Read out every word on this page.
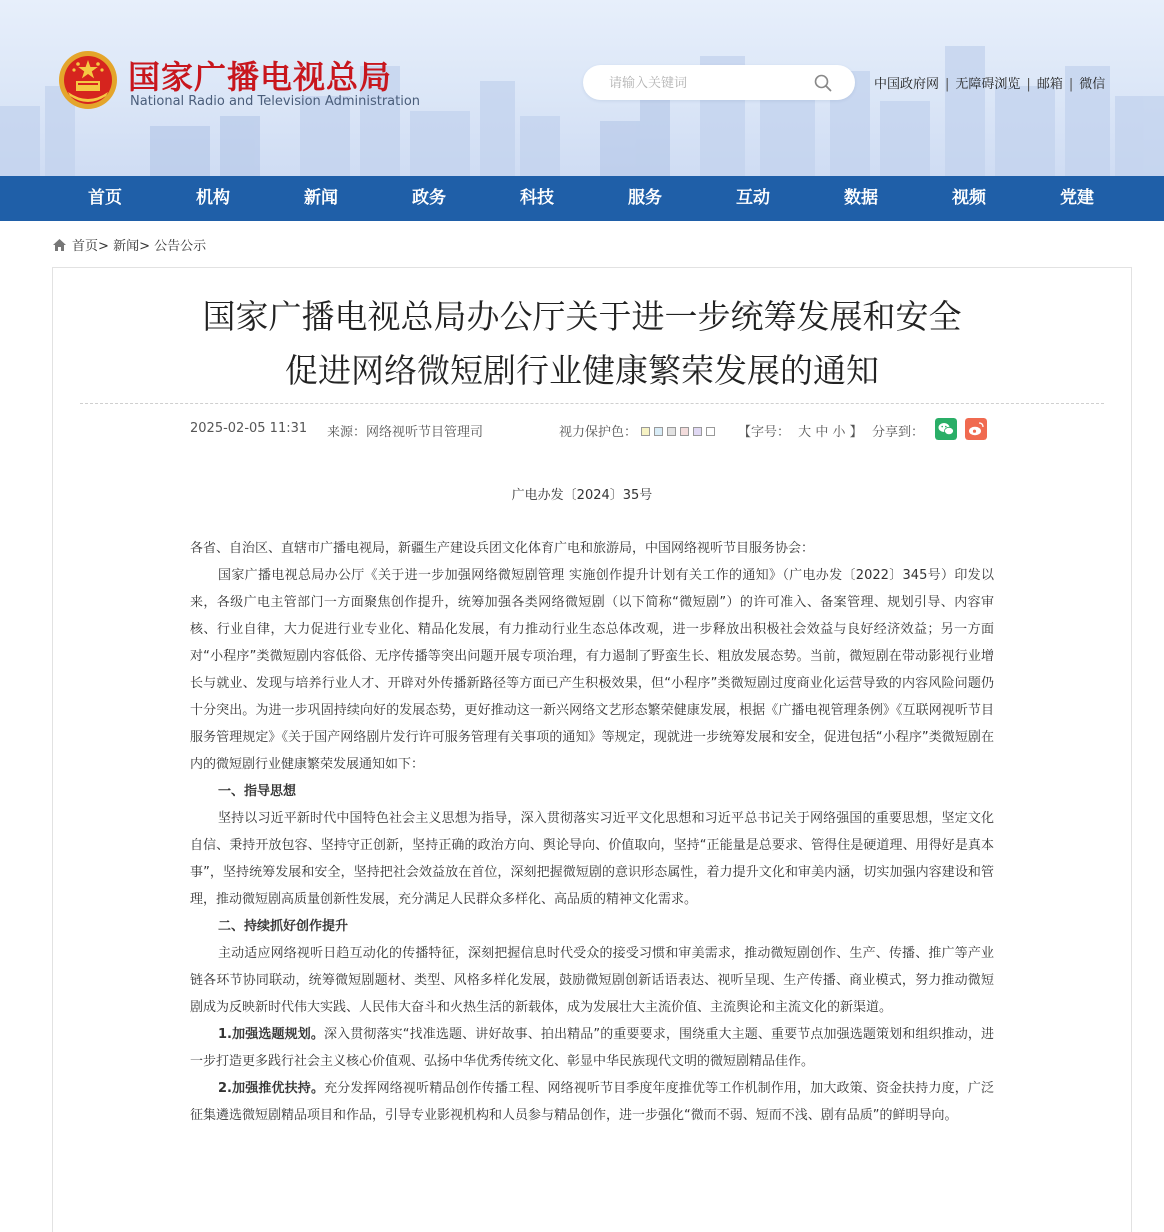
国家广播电视总局
National Radio and Television Administration
请输入关键词
中国政府网 | 无障碍浏览 | 邮箱 | 微信
首页	机构	新闻	政务	科技	服务	互动	数据	视频	党建
首页> 新闻> 公告公示
国家广播电视总局办公厅关于进一步统筹发展和安全
促进网络微短剧行业健康繁荣发展的通知
2025-02-05 11:31 来源：网络视听节目管理司	视力保护色：	【字号： 大 中 小 】 分享到：
广电办发〔2024〕35号

各省、自治区、直辖市广播电视局，新疆生产建设兵团文化体育广电和旅游局，中国网络视听节目服务协会：

国家广播电视总局办公厅《关于进一步加强网络微短剧管理 实施创作提升计划有关工作的通知》（广电办发〔2022〕345号）印发以来，各级广电主管部门一方面聚焦创作提升，统筹加强各类网络微短剧（以下简称“微短剧”）的许可准入、备案管理、规划引导、内容审核、行业自律，大力促进行业专业化、精品化发展，有力推动行业生态总体改观，进一步释放出积极社会效益与良好经济效益；另一方面对“小程序”类微短剧内容低俗、无序传播等突出问题开展专项治理，有力遏制了野蛮生长、粗放发展态势。当前，微短剧在带动影视行业增长与就业、发现与培养行业人才、开辟对外传播新路径等方面已产生积极效果，但“小程序”类微短剧过度商业化运营导致的内容风险问题仍十分突出。为进一步巩固持续向好的发展态势，更好推动这一新兴网络文艺形态繁荣健康发展，根据《广播电视管理条例》《互联网视听节目服务管理规定》《关于国产网络剧片发行许可服务管理有关事项的通知》等规定，现就进一步统筹发展和安全，促进包括“小程序”类微短剧在内的微短剧行业健康繁荣发展通知如下：

一、指导思想

坚持以习近平新时代中国特色社会主义思想为指导，深入贯彻落实习近平文化思想和习近平总书记关于网络强国的重要思想，坚定文化自信、秉持开放包容、坚持守正创新，坚持正确的政治方向、舆论导向、价值取向，坚持“正能量是总要求、管得住是硬道理、用得好是真本事”，坚持统筹发展和安全，坚持把社会效益放在首位，深刻把握微短剧的意识形态属性，着力提升文化和审美内涵，切实加强内容建设和管理，推动微短剧高质量创新性发展，充分满足人民群众多样化、高品质的精神文化需求。

二、持续抓好创作提升

主动适应网络视听日趋互动化的传播特征，深刻把握信息时代受众的接受习惯和审美需求，推动微短剧创作、生产、传播、推广等产业链各环节协同联动，统筹微短剧题材、类型、风格多样化发展，鼓励微短剧创新话语表达、视听呈现、生产传播、商业模式，努力推动微短剧成为反映新时代伟大实践、人民伟大奋斗和火热生活的新载体，成为发展壮大主流价值、主流舆论和主流文化的新渠道。

1.加强选题规划。深入贯彻落实“找准选题、讲好故事、拍出精品”的重要要求，围绕重大主题、重要节点加强选题策划和组织推动，进一步打造更多践行社会主义核心价值观、弘扬中华优秀传统文化、彰显中华民族现代文明的微短剧精品佳作。

2.加强推优扶持。充分发挥网络视听精品创作传播工程、网络视听节目季度年度推优等工作机制作用，加大政策、资金扶持力度，广泛征集遴选微短剧精品项目和作品，引导专业影视机构和人员参与精品创作，进一步强化“微而不弱、短而不浅、剧有品质”的鲜明导向。
